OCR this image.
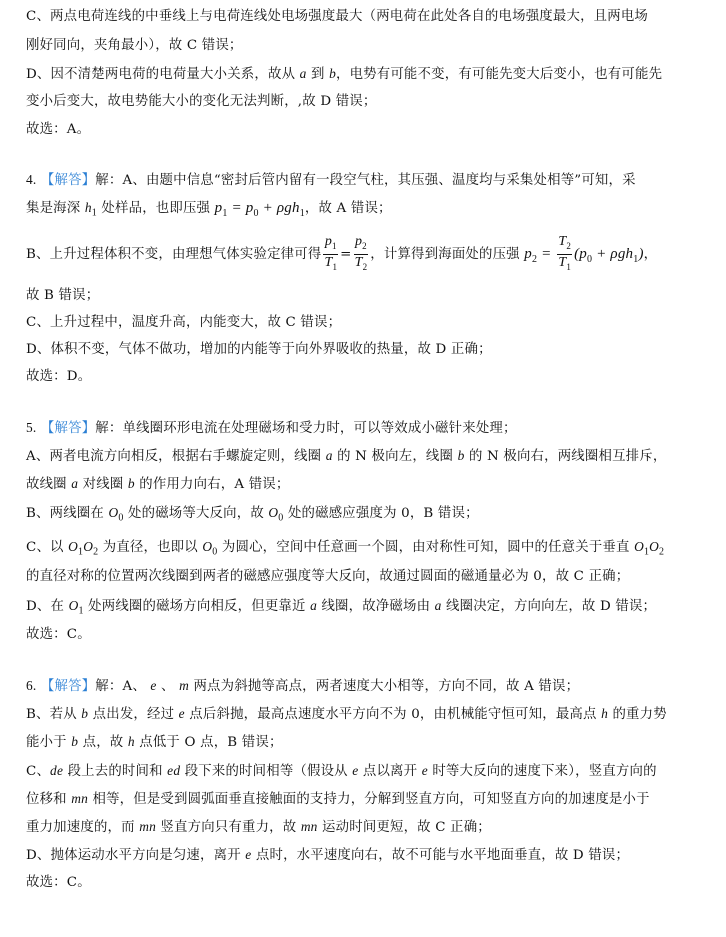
C、两点电荷连线的中垂线上与电荷连线处电场强度最大（两电荷在此处各自的电场强度最大，且两电场
刚好同向，夹角最小），故 C 错误；
D、因不清楚两电荷的电荷量大小关系，故从 a 到 b，电势有可能不变，有可能先变大后变小，也有可能先
变小后变大，故电势能大小的变化无法判断，,故 D 错误；
故选：A。
4. 【解答】解：A、由题中信息“密封后管内留有一段空气柱，其压强、温度均与采集处相等”可知，采
集是海深 $h_1$ 处样品，也即压强 $p_1 = p_0 + \rho gh_1$，故 A 错误；
B、上升过程体积不变，由理想气体实验定律可得 $\frac{p_1}{T_1} = \frac{p_2}{T_2}$ ，计算得到海面处的压强 $p_2 = \frac{T_2}{T_1} (p_0 + \rho gh_1)$，
故 B 错误；
C、上升过程中，温度升高，内能变大，故 C 错误；
D、体积不变，气体不做功，增加的内能等于向外界吸收的热量，故 D 正确；
故选：D。
5. 【解答】解：单线圈环形电流在处理磁场和受力时，可以等效成小磁针来处理；
A、两者电流方向相反，根据右手螺旋定则，线圈 a 的 N 极向左，线圈 b 的 N 极向右，两线圈相互排斥，
故线圈 a 对线圈 b 的作用力向右，A 错误；
B、两线圈在 $O_0$ 处的磁场等大反向，故 $O_0$ 处的磁感应强度为 0，B 错误；
C、以 $O_1O_2$ 为直径，也即以 $O_0$ 为圆心，空间中任意画一个圆，由对称性可知，圆中的任意关于垂直 $O_1O_2$
的直径对称的位置两次线圈到两者的磁感应强度等大反向，故通过圆面的磁通量必为 0，故 C 正确；
D、在 $O_1$ 处两线圈的磁场方向相反，但更靠近 a 线圈，故净磁场由 a 线圈决定，方向向左，故 D 错误；
故选：C。
6. 【解答】解：A、 e 、 m 两点为斜抛等高点，两者速度大小相等，方向不同，故 A 错误；
B、若从 b 点出发，经过 e 点后斜抛，最高点速度水平方向不为 0，由机械能守恒可知，最高点 h 的重力势
能小于 b 点，故 h 点低于 O 点，B 错误；
C、de 段上去的时间和 ed 段下来的时间相等（假设从 e 点以离开 e 时等大反向的速度下来），竖直方向的
位移和 mn 相等，但是受到圆弧面垂直接触面的支持力，分解到竖直方向，可知竖直方向的加速度是小于
重力加速度的，而 mn 竖直方向只有重力，故 mn 运动时间更短，故 C 正确；
D、抛体运动水平方向是匀速，离开 e 点时，水平速度向右，故不可能与水平地面垂直，故 D 错误；
故选：C。
